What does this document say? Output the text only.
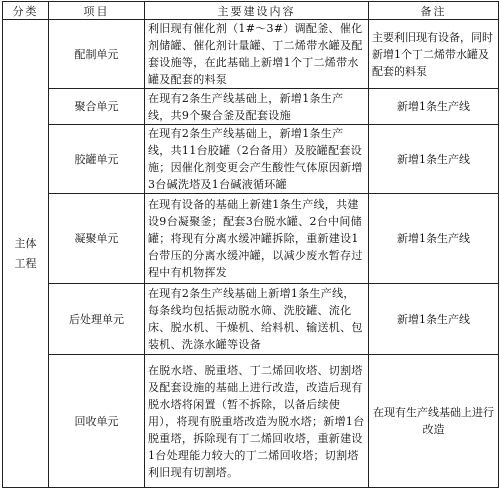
分类	项目	主要建设内容	备注
主体
工程	配制单元	利旧现有催化剂（1#～3#）调配釜、催化剂储罐、催化剂计量罐、丁二烯带水罐及配套设施等，在此基础上新增1个丁二烯带水罐及配套的料泵	主要利旧现有设备，同时新增1个丁二烯带水罐及配套的料泵
	聚合单元	在现有2条生产线基础上，新增1条生产线，共9个聚合釜及配套设施	新增1条生产线
	胶罐单元	在现有2条生产线基础上，新增1条生产线，共11台胶罐（2台备用）及胶罐配套设施；因催化剂变更会产生酸性气体原因新增3台碱洗塔及1台碱液循环罐	新增1条生产线
	凝聚单元	在现有设备的基础上新建1条生产线，共建设9台凝聚釜；配套3台脱水罐、2台中间储罐；将现有分离水缓冲罐拆除，重新建设1台带压的分离水缓冲罐，以减少废水暂存过程中有机物挥发	新增1条生产线
	后处理单元	在现有2条生产线基础上新增1条生产线，每条线均包括振动脱水筛、洗胶罐、流化床、脱水机、干燥机、给料机、输送机、包装机、洗涤水罐等设备	新增1条生产线
	回收单元	在脱水塔、脱重塔、丁二烯回收塔、切割塔及配套设施的基础上进行改造，改造后现有脱水塔将闲置（暂不拆除，以备后续使用），将现有脱重塔改造为脱水塔；新增1台脱重塔，拆除现有丁二烯回收塔，重新建设1台处理能力较大的丁二烯回收塔；切割塔利旧现有切割塔。	在现有生产线基础上进行改造
